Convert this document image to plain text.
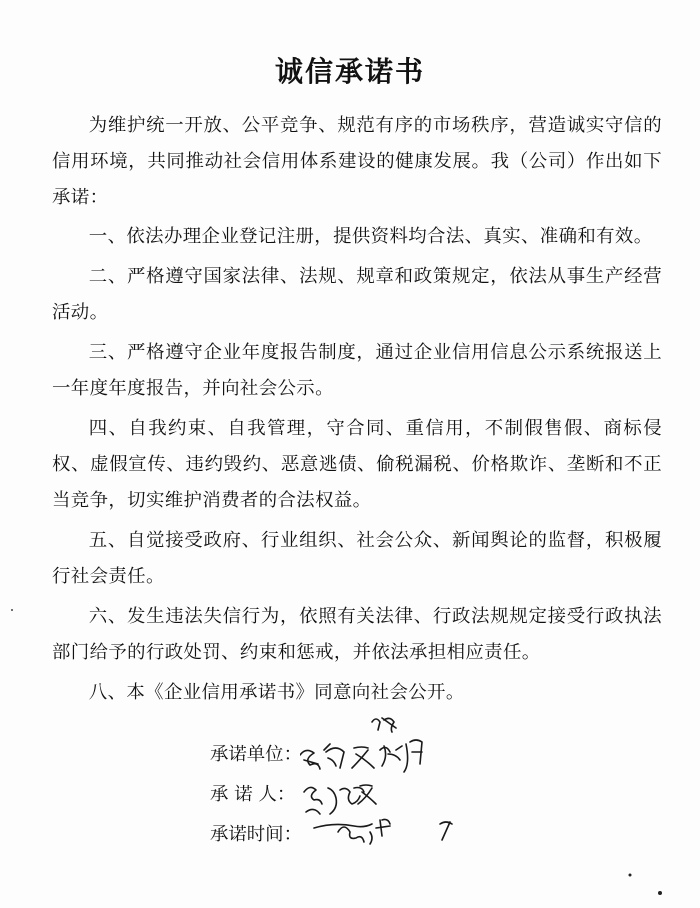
诚信承诺书

为维护统一开放、公平竞争、规范有序的市场秩序，营造诚实守信的信用环境，共同推动社会信用体系建设的健康发展。我（公司）作出如下承诺：

一、依法办理企业登记注册，提供资料均合法、真实、准确和有效。

二、严格遵守国家法律、法规、规章和政策规定，依法从事生产经营活动。

三、严格遵守企业年度报告制度，通过企业信用信息公示系统报送上一年度年度报告，并向社会公示。

四、自我约束、自我管理，守合同、重信用，不制假售假、商标侵权、虚假宣传、违约毁约、恶意逃债、偷税漏税、价格欺诈、垄断和不正当竞争，切实维护消费者的合法权益。

五、自觉接受政府、行业组织、社会公众、新闻舆论的监督，积极履行社会责任。

六、发生违法失信行为，依照有关法律、行政法规规定接受行政执法部门给予的行政处罚、约束和惩戒，并依法承担相应责任。

八、本《企业信用承诺书》同意向社会公开。

承诺单位：
承 诺 人：
承诺时间：
